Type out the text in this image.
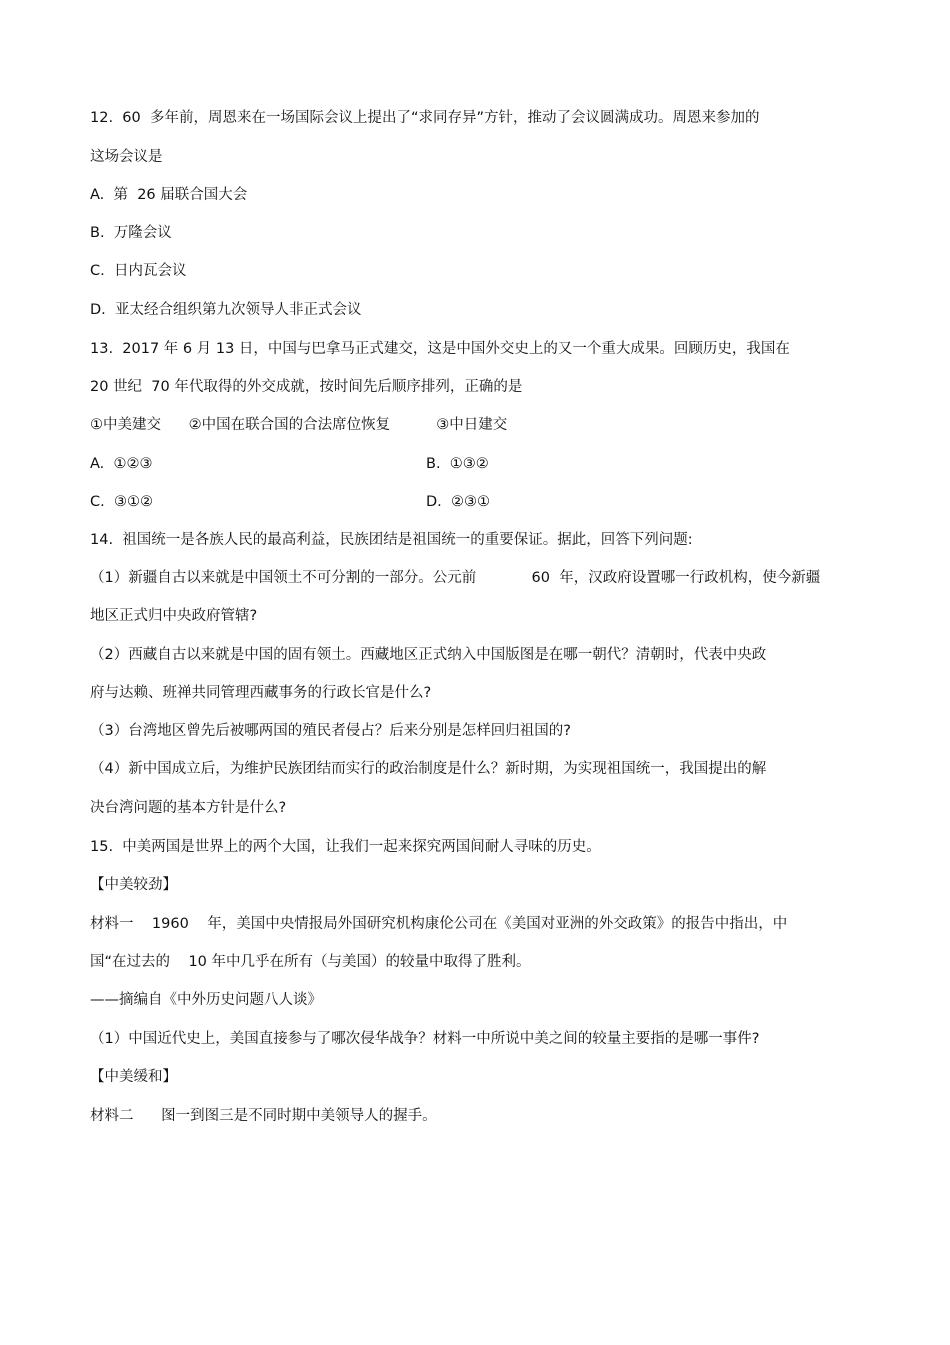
12.  60  多年前，周恩来在一场国际会议上提出了“求同存异”方针，推动了会议圆满成功。周恩来参加的
这场会议是
A.  第  26 届联合国大会
B.  万隆会议
C.  日内瓦会议
D.  亚太经合组织第九次领导人非正式会议
13.  2017 年 6 月 13 日，中国与巴拿马正式建交，这是中国外交史上的又一个重大成果。回顾历史，我国在
20 世纪  70 年代取得的外交成就，按时间先后顺序排列，正确的是
①中美建交      ②中国在联合国的合法席位恢复          ③中日建交
A.  ①②③	B.  ①③②
C.  ③①②	D.  ②③①
14.  祖国统一是各族人民的最高利益，民族团结是祖国统一的重要保证。据此，回答下列问题:
（1）新疆自古以来就是中国领土不可分割的一部分。公元前            60  年，汉政府设置哪一行政机构，使今新疆
地区正式归中央政府管辖?
（2）西藏自古以来就是中国的固有领土。西藏地区正式纳入中国版图是在哪一朝代？清朝时，代表中央政
府与达赖、班禅共同管理西藏事务的行政长官是什么?
（3）台湾地区曾先后被哪两国的殖民者侵占？后来分别是怎样回归祖国的?
（4）新中国成立后，为维护民族团结而实行的政治制度是什么？新时期，为实现祖国统一，我国提出的解
决台湾问题的基本方针是什么?
15.  中美两国是世界上的两个大国，让我们一起来探究两国间耐人寻味的历史。
【中美较劲】
材料一    1960    年，美国中央情报局外国研究机构康伦公司在《美国对亚洲的外交政策》的报告中指出，中
国“在过去的    10 年中几乎在所有（与美国）的较量中取得了胜利。
——摘编自《中外历史问题八人谈》
（1）中国近代史上，美国直接参与了哪次侵华战争？材料一中所说中美之间的较量主要指的是哪一事件?
【中美缓和】
材料二      图一到图三是不同时期中美领导人的握手。
